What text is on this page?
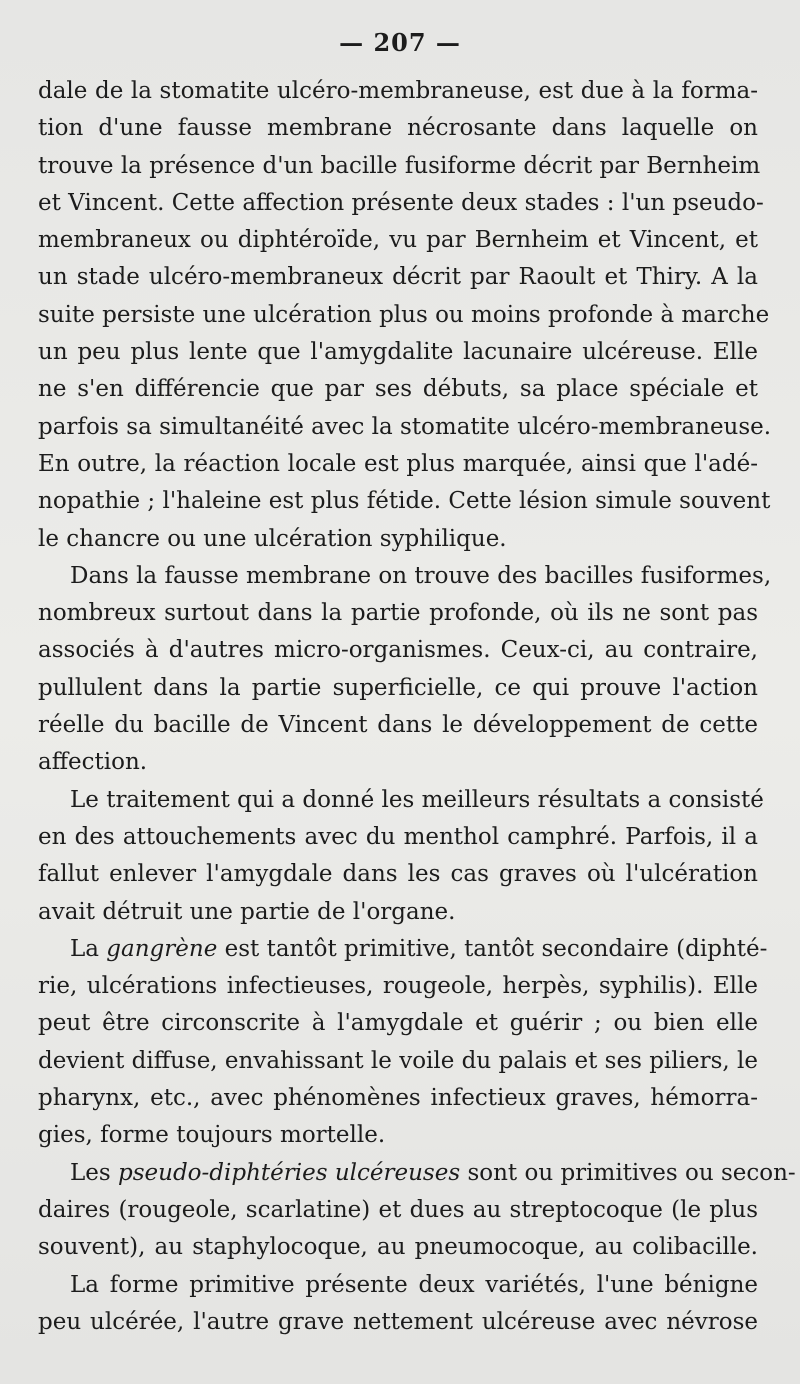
— 207 —
dale de la stomatite ulcéro-membraneuse, est due à la forma-
tion d'une fausse membrane nécrosante dans laquelle on
trouve la présence d'un bacille fusiforme décrit par Bernheim
et Vincent. Cette affection présente deux stades : l'un pseudo-
membraneux ou diphtéroïde, vu par Bernheim et Vincent, et
un stade ulcéro-membraneux décrit par Raoult et Thiry. A la
suite persiste une ulcération plus ou moins profonde à marche
un peu plus lente que l'amygdalite lacunaire ulcéreuse. Elle
ne s'en différencie que par ses débuts, sa place spéciale et
parfois sa simultanéité avec la stomatite ulcéro-membraneuse.
En outre, la réaction locale est plus marquée, ainsi que l'adé-
nopathie ; l'haleine est plus fétide. Cette lésion simule souvent
le chancre ou une ulcération syphilique.
Dans la fausse membrane on trouve des bacilles fusiformes,
nombreux surtout dans la partie profonde, où ils ne sont pas
associés à d'autres micro-organismes. Ceux-ci, au contraire,
pullulent dans la partie superficielle, ce qui prouve l'action
réelle du bacille de Vincent dans le développement de cette
affection.
Le traitement qui a donné les meilleurs résultats a consisté
en des attouchements avec du menthol camphré. Parfois, il a
fallut enlever l'amygdale dans les cas graves où l'ulcération
avait détruit une partie de l'organe.
La gangrène est tantôt primitive, tantôt secondaire (diphté-
rie, ulcérations infectieuses, rougeole, herpès, syphilis). Elle
peut être circonscrite à l'amygdale et guérir ; ou bien elle
devient diffuse, envahissant le voile du palais et ses piliers, le
pharynx, etc., avec phénomènes infectieux graves, hémorra-
gies, forme toujours mortelle.
Les pseudo-diphtéries ulcéreuses sont ou primitives ou secon-
daires (rougeole, scarlatine) et dues au streptocoque (le plus
souvent), au staphylocoque, au pneumocoque, au colibacille.
La forme primitive présente deux variétés, l'une bénigne
peu ulcérée, l'autre grave nettement ulcéreuse avec névrose
